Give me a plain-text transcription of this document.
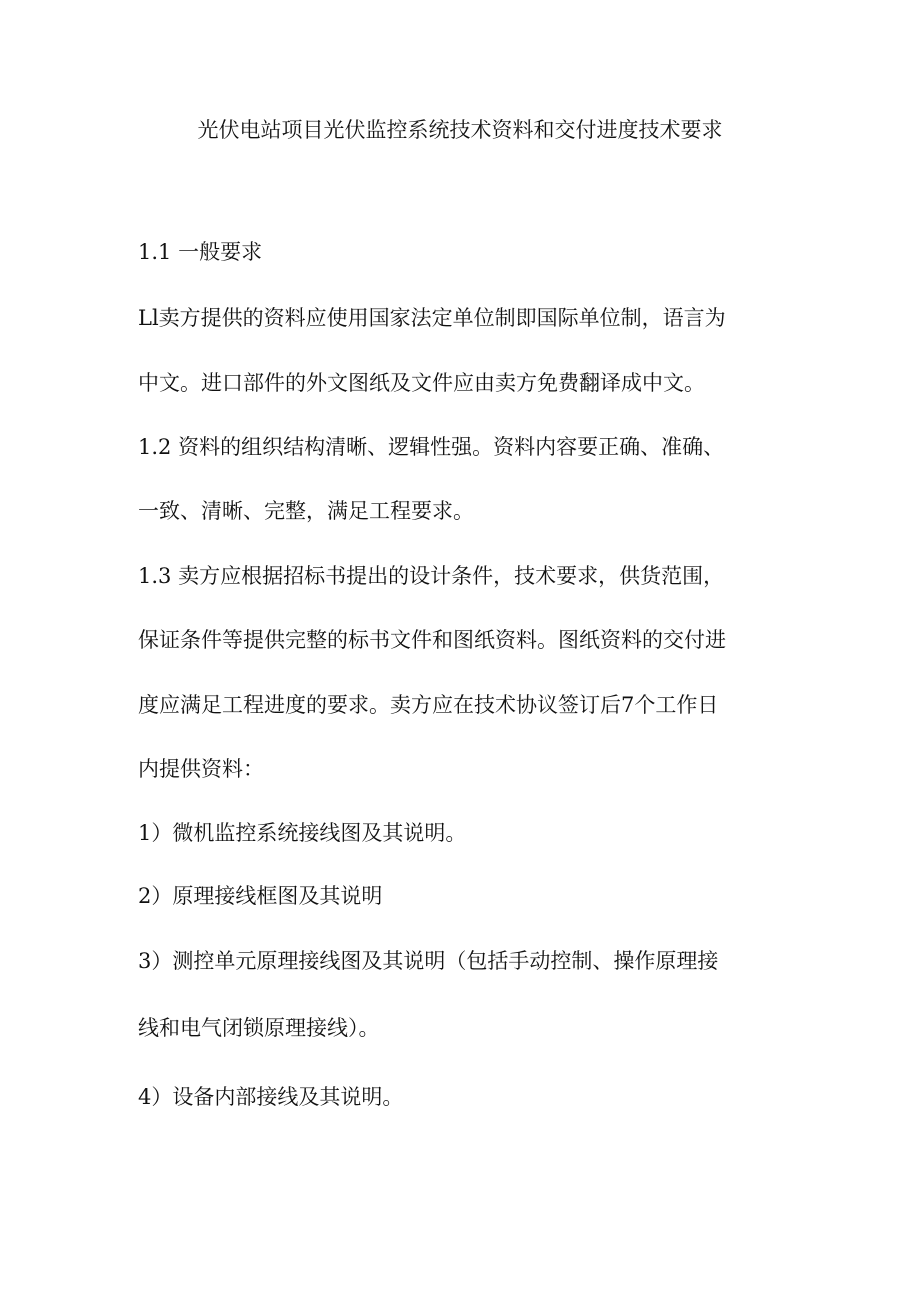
光伏电站项目光伏监控系统技术资料和交付进度技术要求
1.1 一般要求
Ll卖方提供的资料应使用国家法定单位制即国际单位制，语言为
中文。进口部件的外文图纸及文件应由卖方免费翻译成中文。
1.2 资料的组织结构清晰、逻辑性强。资料内容要正确、准确、
一致、清晰、完整，满足工程要求。
1.3 卖方应根据招标书提出的设计条件，技术要求，供货范围，
保证条件等提供完整的标书文件和图纸资料。图纸资料的交付进
度应满足工程进度的要求。卖方应在技术协议签订后7个工作日
内提供资料：
1）微机监控系统接线图及其说明。
2）原理接线框图及其说明
3）测控单元原理接线图及其说明（包括手动控制、操作原理接
线和电气闭锁原理接线）。
4）设备内部接线及其说明。
